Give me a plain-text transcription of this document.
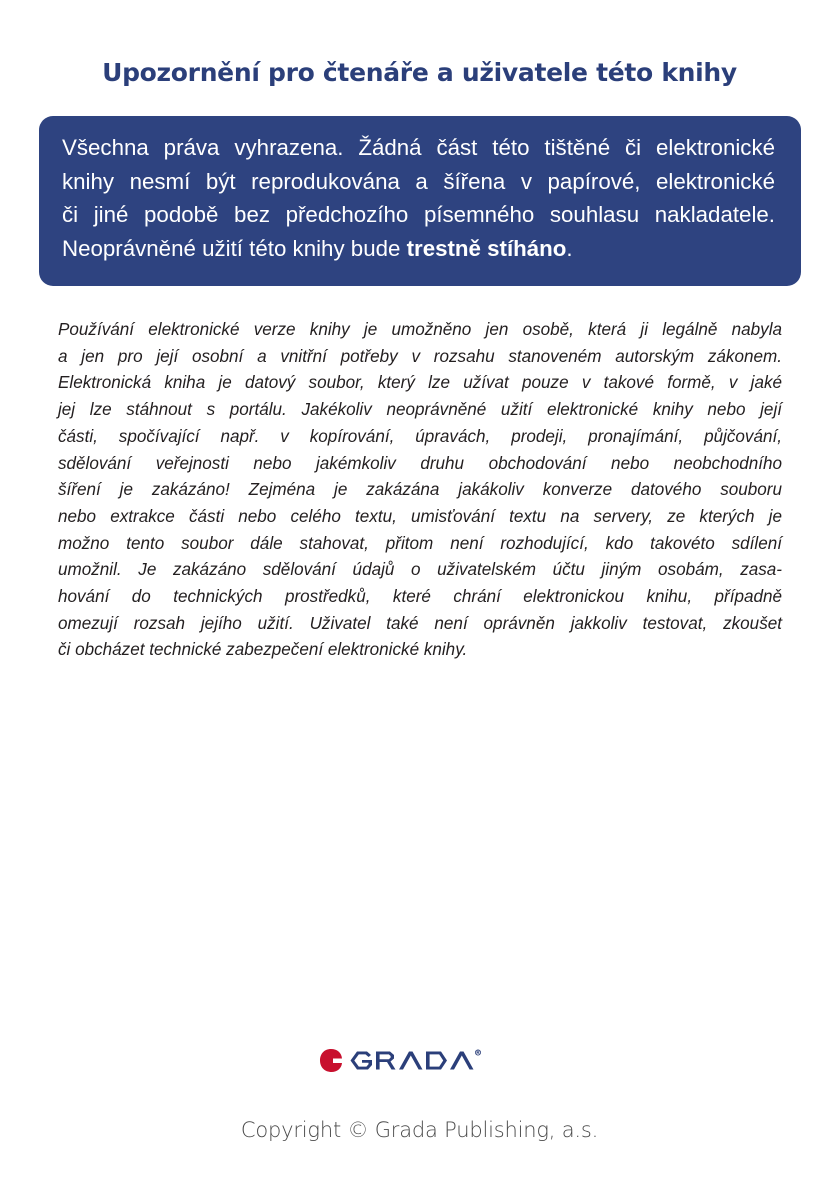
Upozornění pro čtenáře a uživatele této knihy
Všechna práva vyhrazena. Žádná část této tištěné či elektronické
knihy nesmí být reprodukována a šířena v papírové, elektronické
či jiné podobě bez předchozího písemného souhlasu nakladatele.
Neoprávněné užití této knihy bude trestně stíháno.
Používání elektronické verze knihy je umožněno jen osobě, která ji legálně nabyla
a jen pro její osobní a vnitřní potřeby v rozsahu stanoveném autorským zákonem.
Elektronická kniha je datový soubor, který lze užívat pouze v takové formě, v jaké
jej lze stáhnout s portálu. Jakékoliv neoprávněné užití elektronické knihy nebo její
části, spočívající např. v kopírování, úpravách, prodeji, pronajímání, půjčování,
sdělování veřejnosti nebo jakémkoliv druhu obchodování nebo neobchodního
šíření je zakázáno! Zejména je zakázána jakákoliv konverze datového souboru
nebo extrakce části nebo celého textu, umisťování textu na servery, ze kterých je
možno tento soubor dále stahovat, přitom není rozhodující, kdo takovéto sdílení
umožnil. Je zakázáno sdělování údajů o uživatelském účtu jiným osobám, zasa-
hování do technických prostředků, které chrání elektronickou knihu, případně
omezují rozsah jejího užití. Uživatel také není oprávněn jakkoliv testovat, zkoušet
či obcházet technické zabezpečení elektronické knihy.
Copyright © Grada Publishing, a.s.
